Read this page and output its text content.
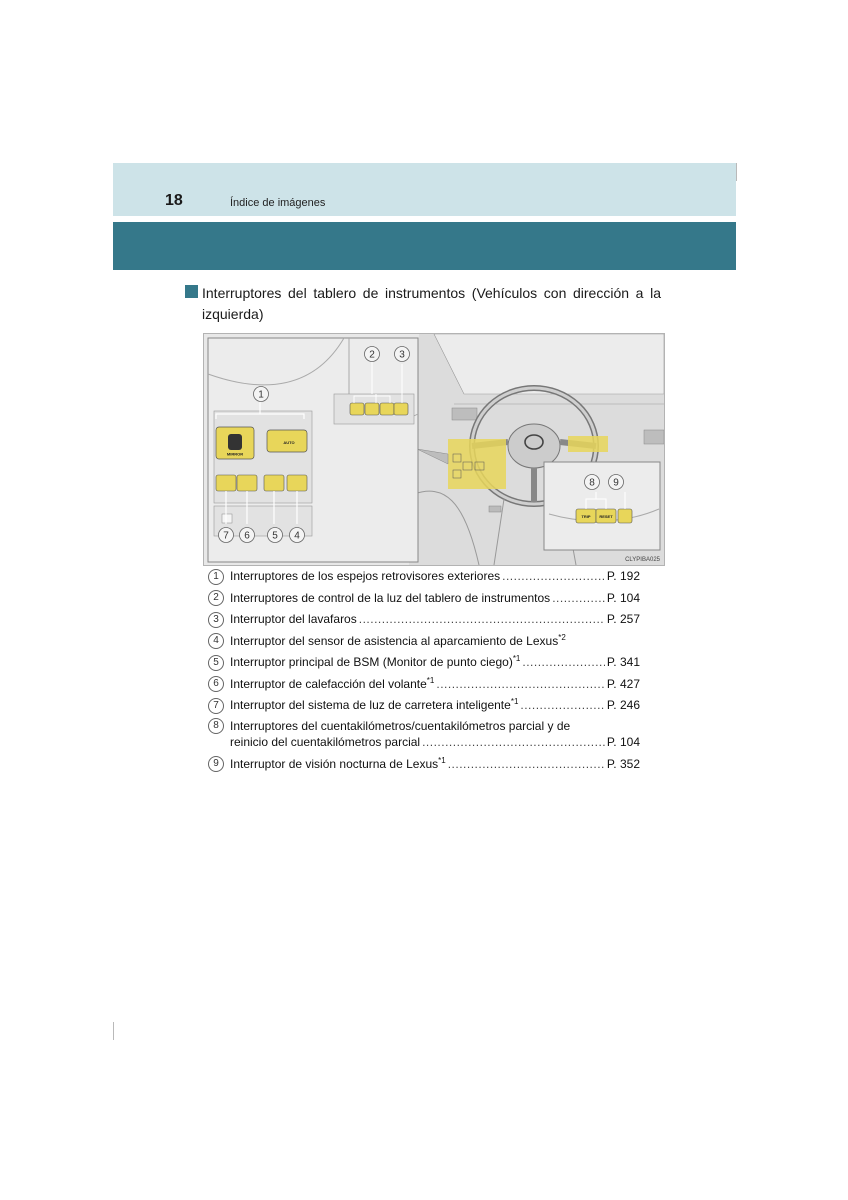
18	Índice de imágenes
Interruptores del tablero de instrumentos (Vehículos con dirección a la izquierda)
MIRROR
AUTO
TRIP RESET
1
2 3
4
5
6
7
8 9
CLYPIBA025
1 Interruptores de los espejos retrovisores exteriores .....	P. 192
2 Interruptores de control de la luz del tablero de instrumentos .....	P. 104
3 Interruptor del lavafaros .....	P. 257
4 Interruptor del sensor de asistencia al aparcamiento de Lexus$^{*2}$
5 Interruptor principal de BSM (Monitor de punto ciego)$^{*1}$ .....	P. 341
6 Interruptor de calefacción del volante$^{*1}$ .....	P. 427
7 Interruptor del sistema de luz de carretera inteligente$^{*1}$ .....	P. 246
8 Interruptores del cuentakilómetros/cuentakilómetros parcial y de
reinicio del cuentakilómetros parcial .....	P. 104
9 Interruptor de visión nocturna de Lexus$^{*1}$ .....	P. 352
